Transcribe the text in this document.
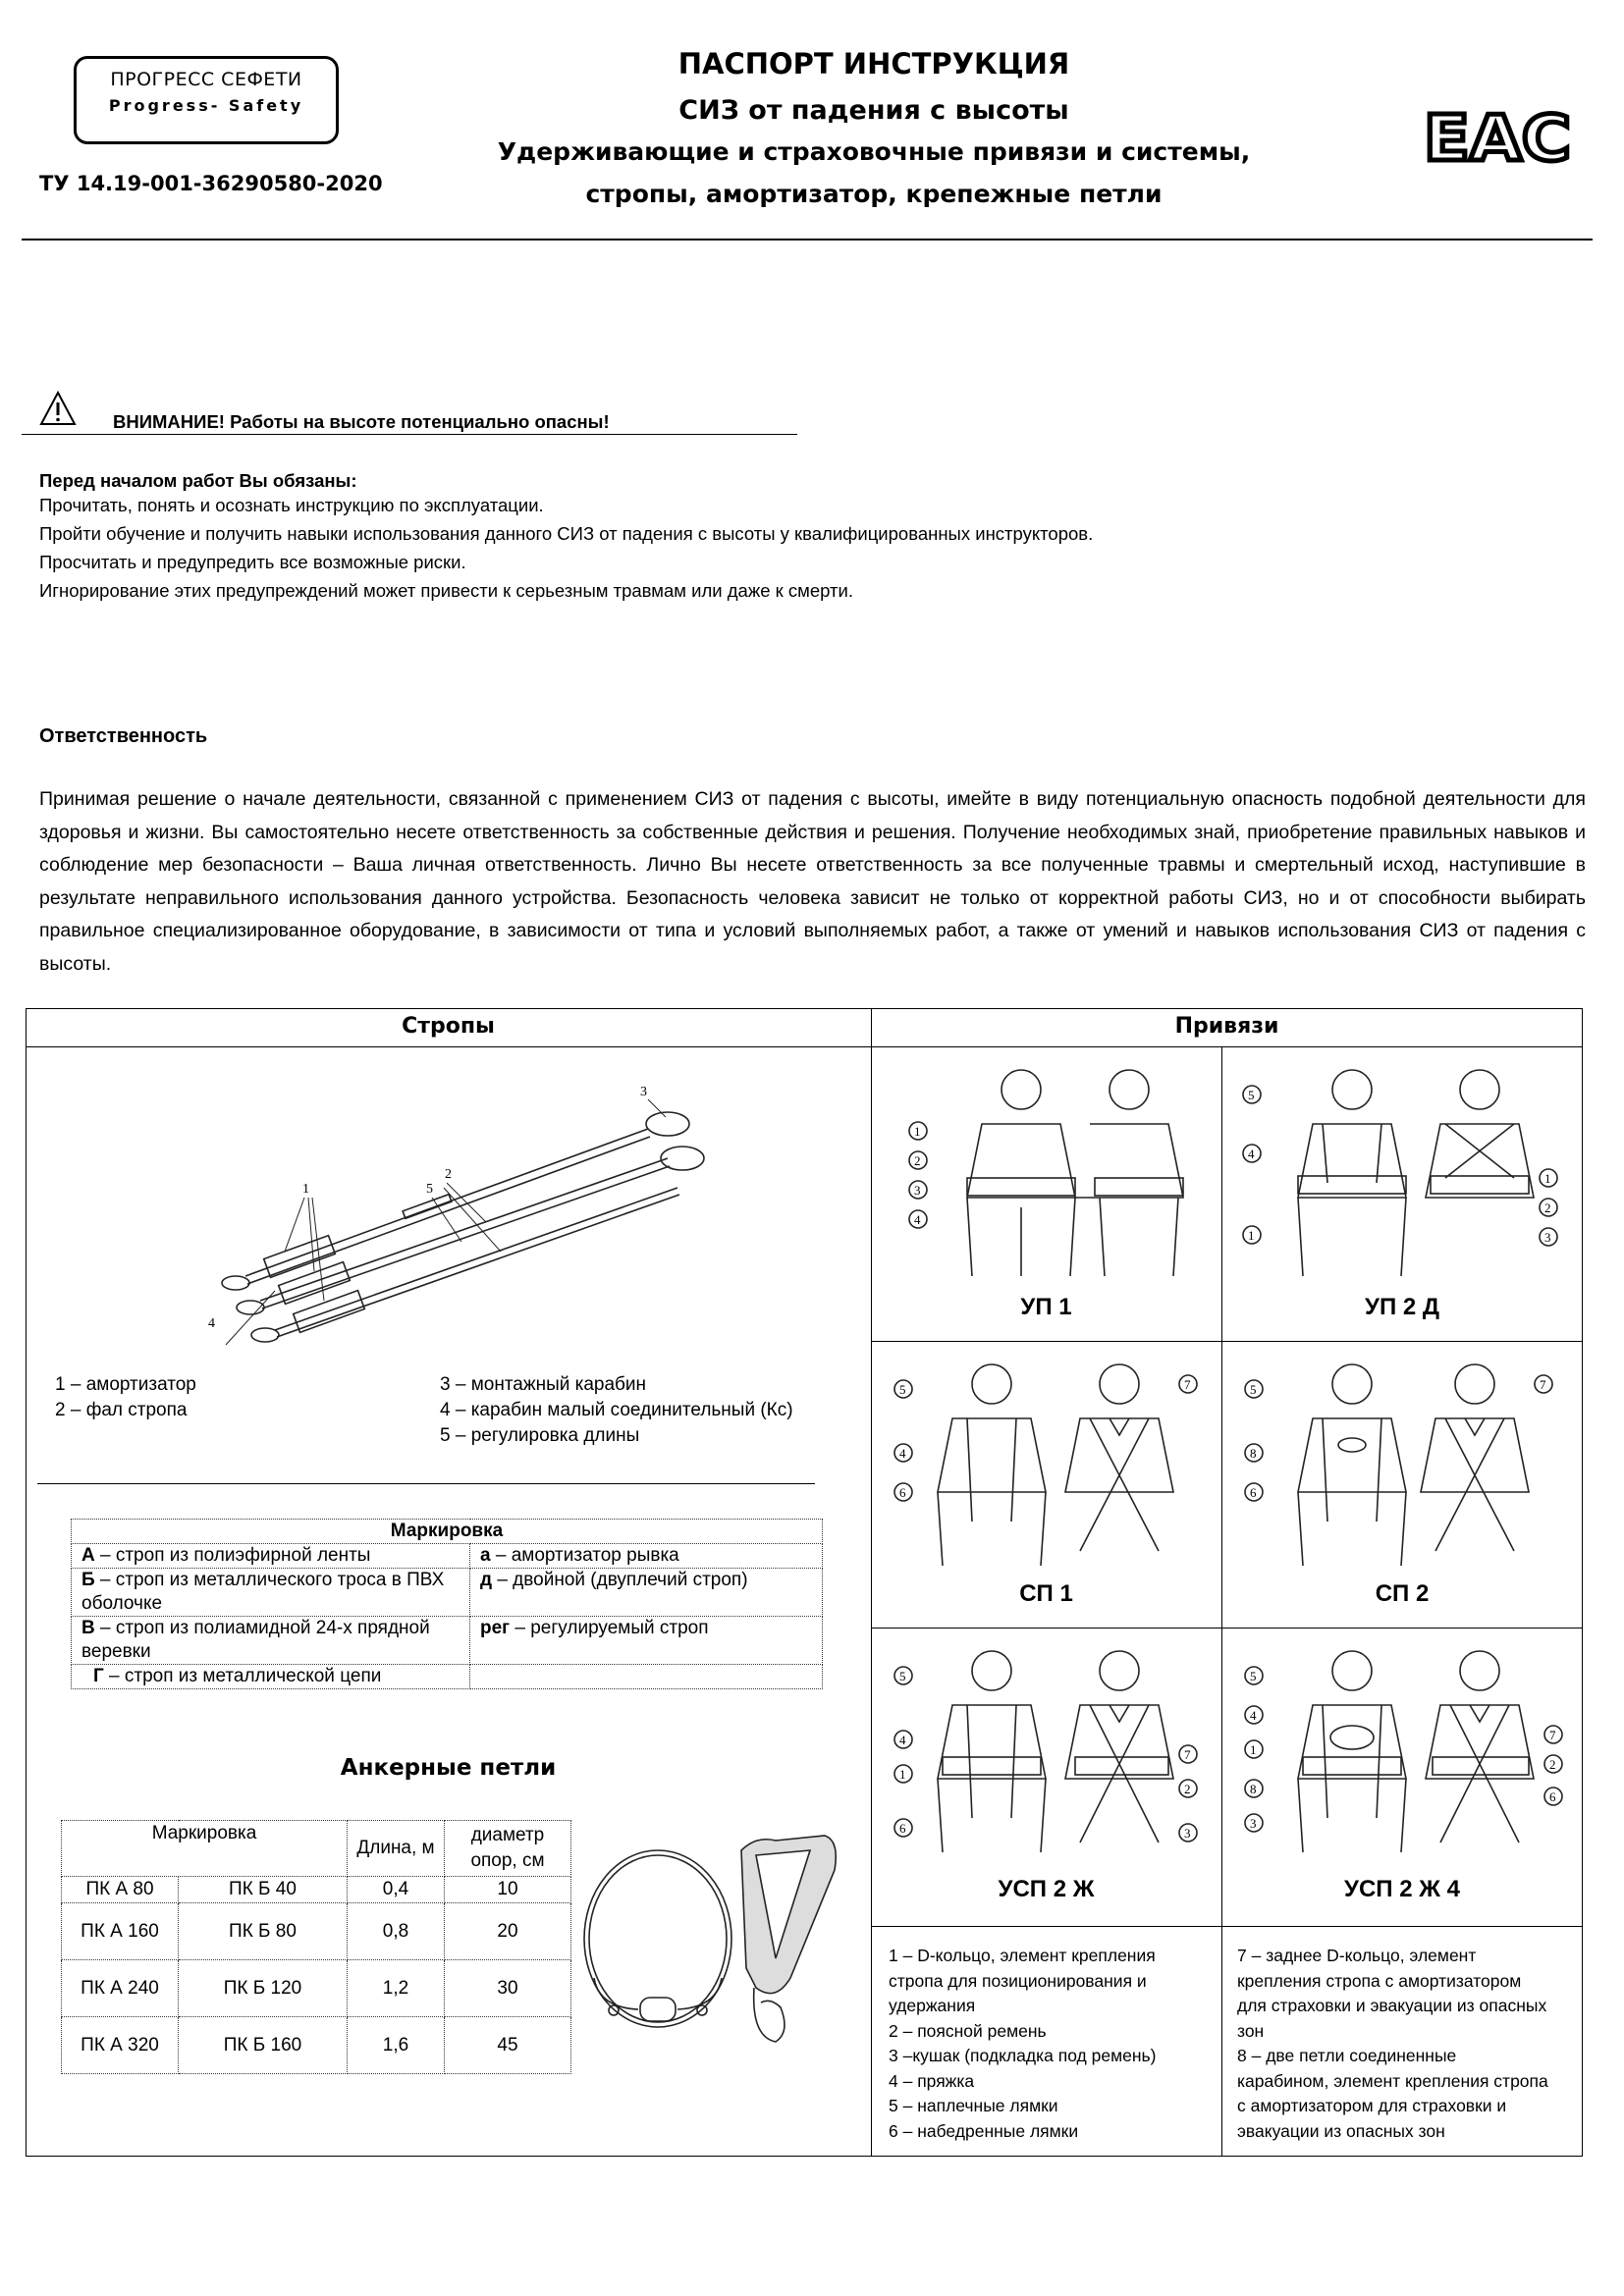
ПРОГРЕСС СЕФЕТИ
Progress- Safety
ТУ 14.19-001-36290580-2020
ПАСПОРТ ИНСТРУКЦИЯ
СИЗ от падения с высоты
Удерживающие и страховочные привязи и системы,
стропы, амортизатор, крепежные петли
EAC
ВНИМАНИЕ! Работы на высоте потенциально опасны!
Перед началом работ Вы обязаны:
Прочитать, понять и осознать инструкцию по эксплуатации.
Пройти обучение и получить навыки использования данного СИЗ от падения с высоты у квалифицированных инструкторов.
Просчитать и предупредить все возможные риски.
Игнорирование этих предупреждений может привести к серьезным травмам или даже к смерти.
Ответственность
Принимая решение о начале деятельности, связанной с применением СИЗ от падения с высоты, имейте в виду потенциальную опасность подобной деятельности для здоровья и жизни. Вы самостоятельно несете ответственность за собственные действия и решения. Получение необходимых знай, приобретение правильных навыков и соблюдение мер безопасности – Ваша личная ответственность. Лично Вы несете ответственность за все полученные травмы и смертельный исход, наступившие в результате неправильного использования данного устройства. Безопасность человека зависит не только от корректной работы СИЗ, но и от способности выбирать правильное специализированное оборудование, в зависимости от типа и условий выполняемых работ, а также от умений и навыков использования СИЗ от падения с высоты.
Стропы	Привязи
1
2
3
4
5
1 – амортизатор
2 – фал стропа
3 – монтажный карабин
4 – карабин малый соединительный (Кс)
5 – регулировка длины
Маркировка	
А – строп из полиэфирной ленты	а – амортизатор рывка
Б – строп из металлического троса в ПВХ оболочке	д – двойной (двуплечий строп)
В – строп из полиамидной 24-х прядной веревки	рег – регулируемый строп
Г – строп из металлической цепи	
Анкерные петли
Маркировка		Длина, м	диаметр опор, см
ПК А 80	ПК Б 40	0,4	10
ПК А 160	ПК Б 80	0,8	20
ПК А 240	ПК Б 120	1,2	30
ПК А 320	ПК Б 160	1,6	45
1
2
3
4
УП 1
5
4
1
1
2
3
УП 2 Д
5
4
6
7
СП 1
5
8
6
7
СП 2
5
4
1
6
7
2
3
УСП 2 Ж
5
4
1
8
3
7
2
6
УСП 2 Ж 4
1 – D-кольцо, элемент крепления
стропа для позиционирования и
удержания
2 – поясной ремень
3 –кушак (подкладка под ремень)
4 – пряжка
5 – наплечные лямки
6 – набедренные лямки
7 – заднее D-кольцо, элемент
крепления стропа с амортизатором
для страховки и эвакуации из опасных
зон
8 – две петли соединенные
карабином, элемент крепления стропа
с амортизатором для страховки и
эвакуации из опасных зон
